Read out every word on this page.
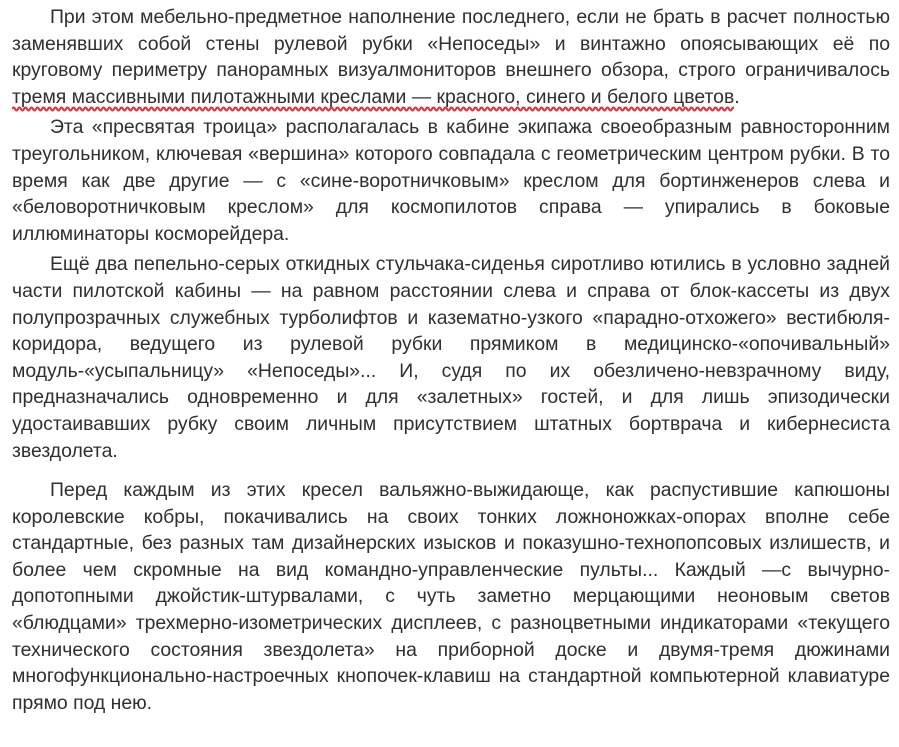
При этом мебельно-предметное наполнение последнего, если не брать в расчет полностью заменявших собой стены рулевой рубки «Непоседы» и винтажно опоясывающих её по круговому периметру панорамных визуалмониторов внешнего обзора, строго ограничивалось тремя массивными пилотажными креслами — красного, синего и белого цветов.

Эта «пресвятая троица» располагалась в кабине экипажа своеобразным равносторонним треугольником, ключевая «вершина» которого совпадала с геометрическим центром рубки. В то время как две другие — с «сине-воротничковым» креслом для бортинженеров слева и «беловоротничковым креслом» для космопилотов справа — упирались в боковые иллюминаторы косморейдера.

Ещё два пепельно-серых откидных стульчака-сиденья сиротливо ютились в условно задней части пилотской кабины — на равном расстоянии слева и справа от блок-кассеты из двух полупрозрачных служебных турболифтов и казематно-узкого «парадно-отхожего» вестибюля-коридора, ведущего из рулевой рубки прямиком в медицинско-«опочивальный» модуль-«усыпальницу» «Непоседы»... И, судя по их обезличено-невзрачному виду, предназначались одновременно и для «залетных» гостей, и для лишь эпизодически удостаивавших рубку своим личным присутствием штатных бортврача и кибернесиста звездолета.

Перед каждым из этих кресел вальяжно-выжидающе, как распустившие капюшоны королевские кобры, покачивались на своих тонких ложноножках-опорах вполне себе стандартные, без разных там дизайнерских изысков и показушно-технопопсовых излишеств, и более чем скромные на вид командно-управленческие пульты... Каждый —с вычурно-допотопными джойстик-штурвалами, с чуть заметно мерцающими неоновым светов «блюдцами» трехмерно-изометрических дисплеев, с разноцветными индикаторами «текущего технического состояния звездолета» на приборной доске и двумя-тремя дюжинами многофункционально-настроечных кнопочек-клавиш на стандартной компьютерной клавиатуре прямо под нею.
